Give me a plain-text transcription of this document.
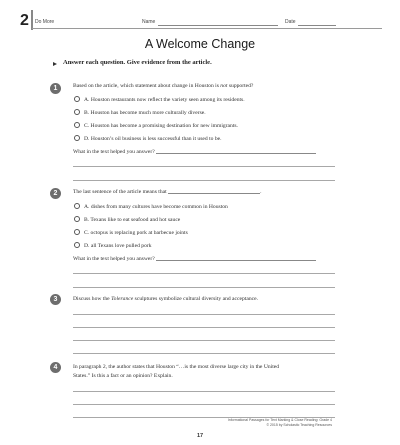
2 Do More	Name	Date
A Welcome Change
Answer each question. Give evidence from the article.
1	Based on the article, which statement about change in Houston is not supported?
A. Houston restaurants now reflect the variety seen among its residents.
B. Houston has become much more culturally diverse.
C. Houston has become a promising destination for new immigrants.
D. Houston’s oil business is less successful than it used to be.
What in the text helped you answer?
2	The last sentence of the article means that	.
A. dishes from many cultures have become common in Houston
B. Texans like to eat seafood and hot sauce
C. octopus is replacing pork at barbecue joints
D. all Texans love pulled pork
What in the text helped you answer?
3	Discuss how the Tolerance sculptures symbolize cultural diversity and acceptance.
4	In paragraph 2, the author states that Houston “…is the most diverse large city in the United
States.” Is this a fact or an opinion? Explain.
Informational Passages for Text Marking & Close Reading: Grade 4
© 2015 by Scholastic Teaching Resources
17
